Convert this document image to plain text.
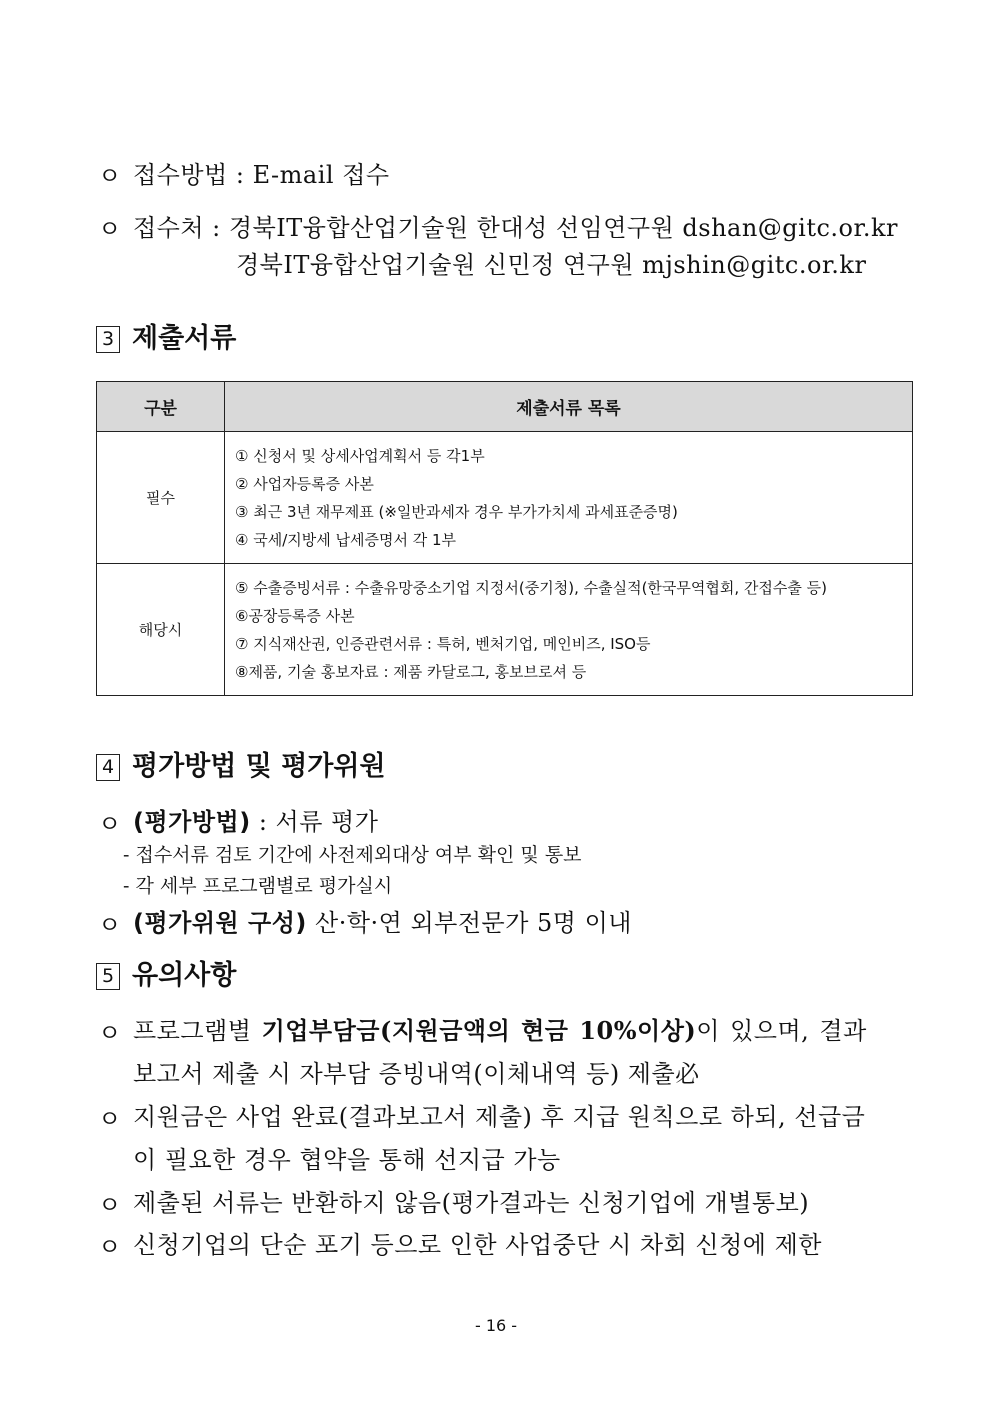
ㅇ 접수방법 : E-mail 접수
ㅇ 접수처 : 경북IT융합산업기술원 한대성 선임연구원 dshan@gitc.or.kr
경북IT융합산업기술원 신민정 연구원 mjshin@gitc.or.kr
3 제출서류
구분	제출서류 목록
필수	① 신청서 및 상세사업계획서 등 각1부
② 사업자등록증 사본
③ 최근 3년 재무제표 (※일반과세자 경우 부가가치세 과세표준증명)
④ 국세/지방세 납세증명서 각 1부

해당시	⑤ 수출증빙서류 : 수출유망중소기업 지정서(중기청), 수출실적(한국무역협회, 간접수출 등)
⑥공장등록증 사본
⑦ 지식재산권, 인증관련서류 : 특허, 벤처기업, 메인비즈, ISO등
⑧제품, 기술 홍보자료 : 제품 카달로그, 홍보브로셔 등
4 평가방법 및 평가위원
ㅇ (평가방법) : 서류 평가
- 접수서류 검토 기간에 사전제외대상 여부 확인 및 통보
- 각 세부 프로그램별로 평가실시
ㅇ (평가위원 구성) 산·학·연 외부전문가 5명 이내
5 유의사항
ㅇ 프로그램별 기업부담금(지원금액의 현금 10%이상)이 있으며, 결과
보고서 제출 시 자부담 증빙내역(이체내역 등) 제출必
ㅇ 지원금은 사업 완료(결과보고서 제출) 후 지급 원칙으로 하되, 선급금
이 필요한 경우 협약을 통해 선지급 가능
ㅇ 제출된 서류는 반환하지 않음(평가결과는 신청기업에 개별통보)
ㅇ 신청기업의 단순 포기 등으로 인한 사업중단 시 차회 신청에 제한
- 16 -
